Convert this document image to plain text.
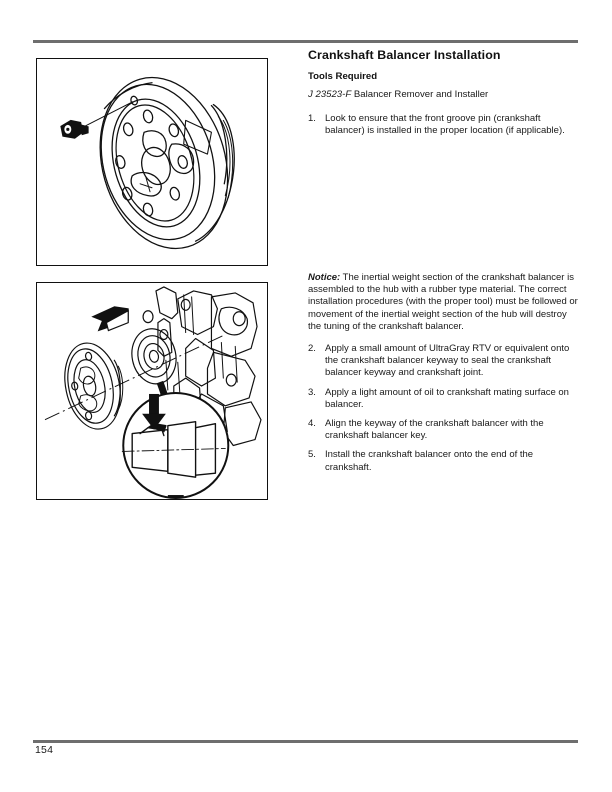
Crankshaft Balancer Installation
Tools Required

J 23523-F Balancer Remover and Installer

1. Look to ensure that the front groove pin (crankshaft balancer) is installed in the proper location (if applicable).

Notice: The inertial weight section of the crankshaft balancer is assembled to the hub with a rubber type material. The correct installation procedures (with the proper tool) must be followed or movement of the inertial weight section of the hub will destroy the tuning of the crankshaft balancer.

2. Apply a small amount of UltraGray RTV or equivalent onto the crankshaft balancer keyway to seal the crankshaft balancer keyway and crankshaft joint.
3. Apply a light amount of oil to crankshaft mating surface on balancer.
4. Align the keyway of the crankshaft balancer with the crankshaft balancer key.
5. Install the crankshaft balancer onto the end of the crankshaft.
154
